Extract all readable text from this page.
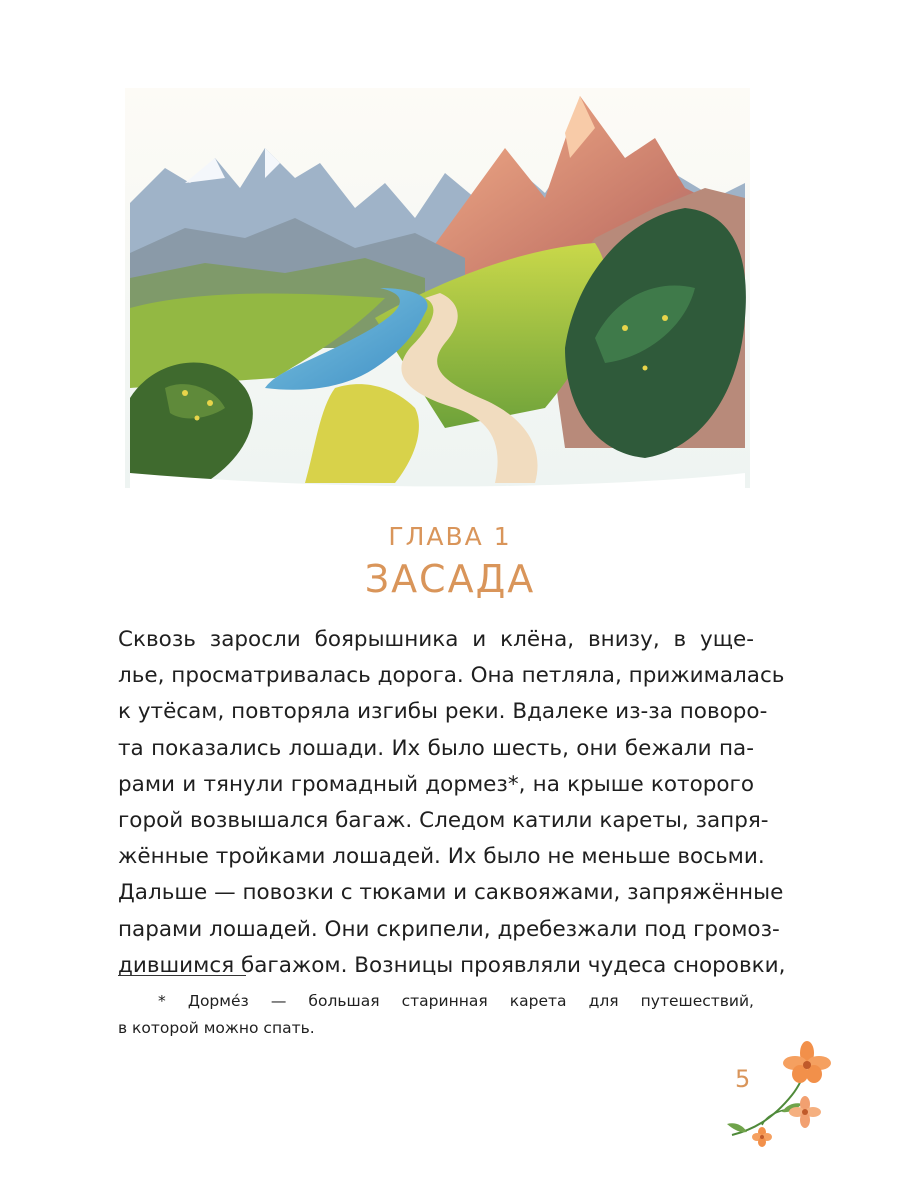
ГЛАВА 1
ЗАСАДА
Сквозь заросли боярышника и клёна, внизу, в уще-
лье, просматривалась дорога. Она петляла, прижималась
к утёсам, повторяла изгибы реки. Вдалеке из-за поворо-
та показались лошади. Их было шесть, они бежали па-
рами и тянули громадный дормез*, на крыше которого
горой возвышался багаж. Следом катили кареты, запря-
жённые тройками лошадей. Их было не меньше восьми.
Дальше — повозки с тюками и саквояжами, запряжённые
парами лошадей. Они скрипели, дребезжали под громоз-
дившимся багажом. Возницы проявляли чудеса сноровки,
* Дормéз — большая старинная карета для путешествий,
в которой можно спать.
5
